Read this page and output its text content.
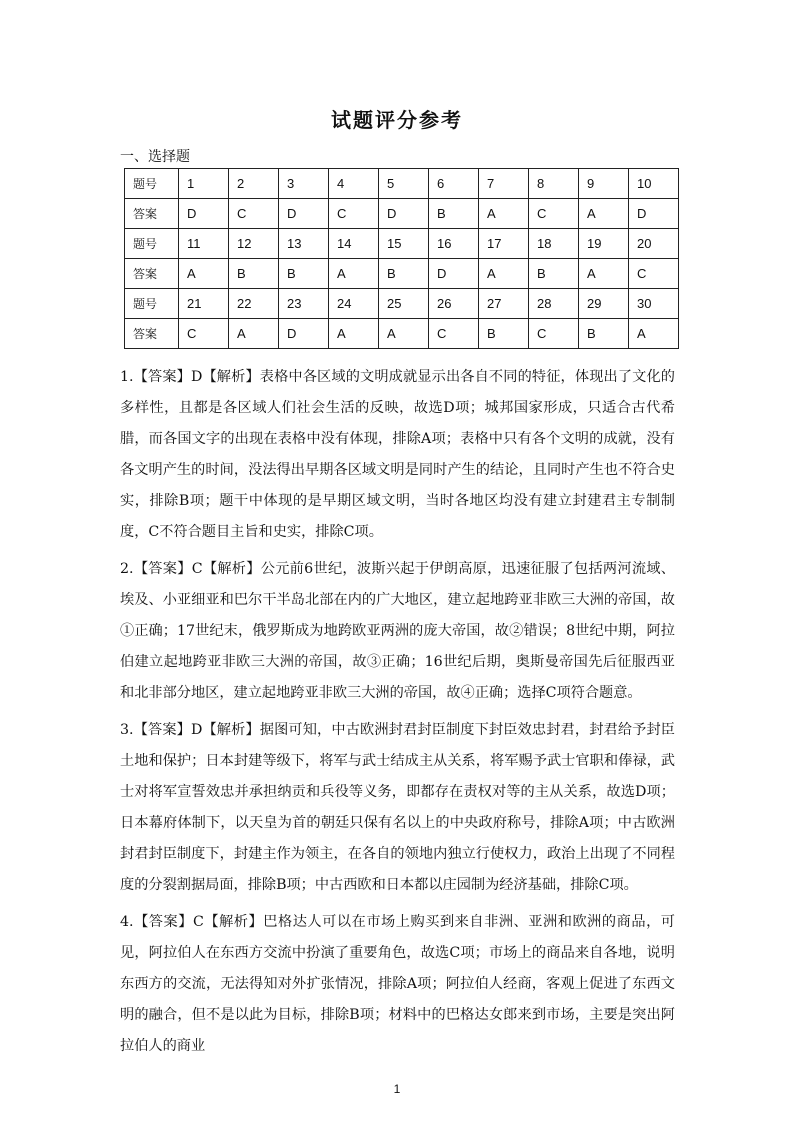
试题评分参考
一、选择题
题号	1	2	3	4	5	6	7	8	9	10
答案	D	C	D	C	D	B	A	C	A	D
题号	11	12	13	14	15	16	17	18	19	20
答案	A	B	B	A	B	D	A	B	A	C
题号	21	22	23	24	25	26	27	28	29	30
答案	C	A	D	A	A	C	B	C	B	A

1.【答案】D【解析】表格中各区域的文明成就显示出各自不同的特征，体现出了文化的多样性，且都是各区域人们社会生活的反映，故选D项；城邦国家形成，只适合古代希腊，而各国文字的出现在表格中没有体现，排除A项；表格中只有各个文明的成就，没有各文明产生的时间，没法得出早期各区域文明是同时产生的结论，且同时产生也不符合史实，排除B项；题干中体现的是早期区域文明，当时各地区均没有建立封建君主专制制度，C不符合题目主旨和史实，排除C项。

2.【答案】C【解析】公元前6世纪，波斯兴起于伊朗高原，迅速征服了包括两河流域、埃及、小亚细亚和巴尔干半岛北部在内的广大地区，建立起地跨亚非欧三大洲的帝国，故①正确；17世纪末，俄罗斯成为地跨欧亚两洲的庞大帝国，故②错误；8世纪中期，阿拉伯建立起地跨亚非欧三大洲的帝国，故③正确；16世纪后期，奥斯曼帝国先后征服西亚和北非部分地区，建立起地跨亚非欧三大洲的帝国，故④正确；选择C项符合题意。

3.【答案】D【解析】据图可知，中古欧洲封君封臣制度下封臣效忠封君，封君给予封臣土地和保护；日本封建等级下，将军与武士结成主从关系，将军赐予武士官职和俸禄，武士对将军宣誓效忠并承担纳贡和兵役等义务，即都存在责权对等的主从关系，故选D项；日本幕府体制下，以天皇为首的朝廷只保有名以上的中央政府称号，排除A项；中古欧洲封君封臣制度下，封建主作为领主，在各自的领地内独立行使权力，政治上出现了不同程度的分裂割据局面，排除B项；中古西欧和日本都以庄园制为经济基础，排除C项。

4.【答案】C【解析】巴格达人可以在市场上购买到来自非洲、亚洲和欧洲的商品，可见，阿拉伯人在东西方交流中扮演了重要角色，故选C项；市场上的商品来自各地，说明东西方的交流，无法得知对外扩张情况，排除A项；阿拉伯人经商，客观上促进了东西文明的融合，但不是以此为目标，排除B项；材料中的巴格达女郎来到市场，主要是突出阿拉伯人的商业

1
